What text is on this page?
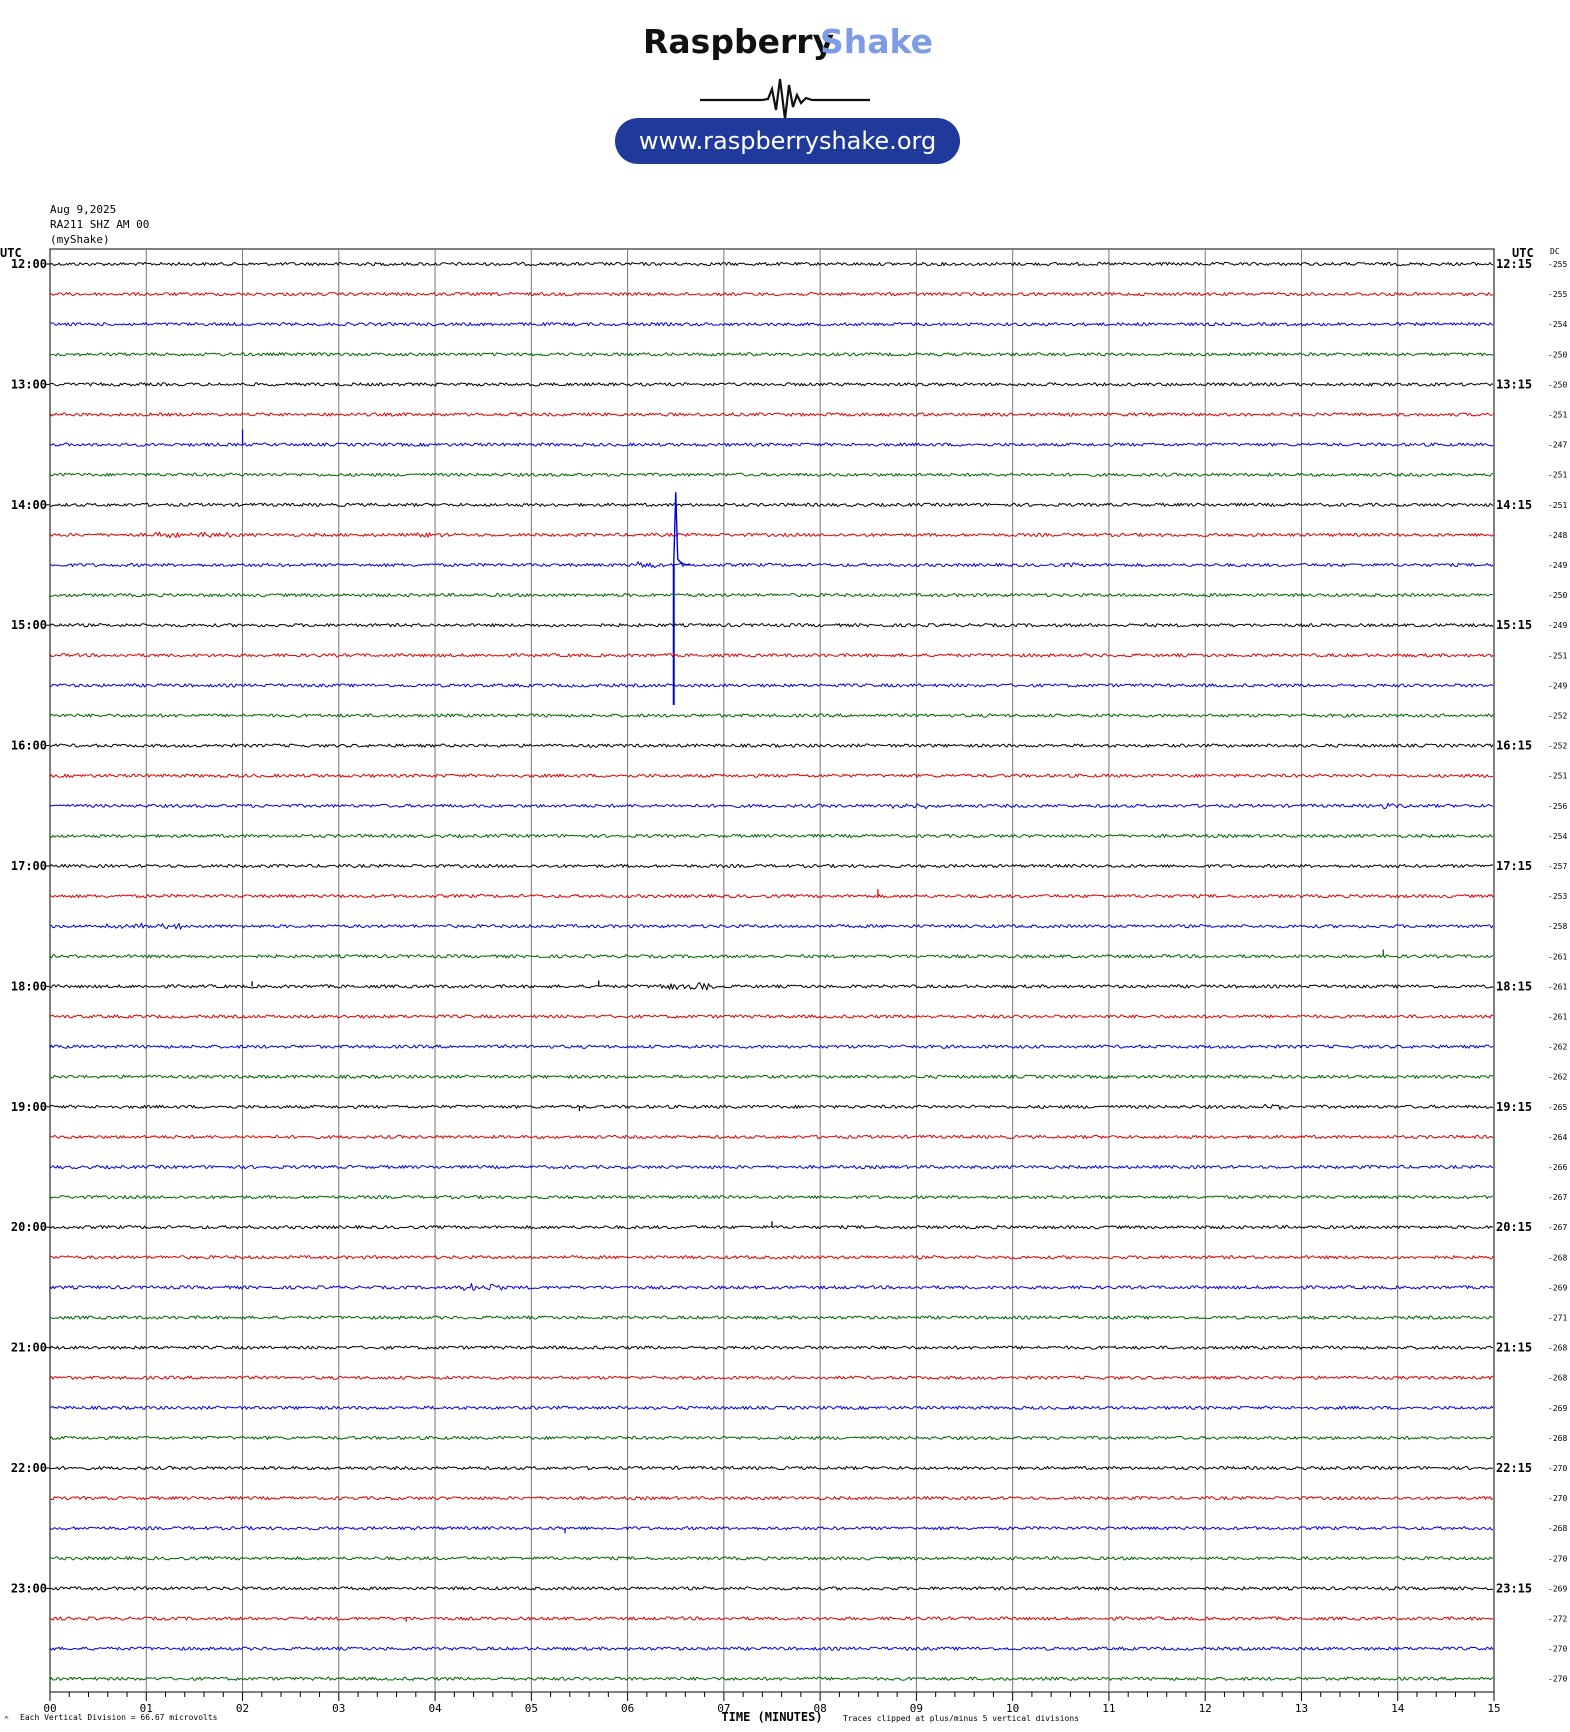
Raspberry
Shake
www.raspberryshake.org
Aug 9,2025
RA211 SHZ AM 00
(myShake)
00	01	02	03	04	05	06	07	08	09	10	11	12	13	14	15
UTC	UTC DC
TIME (MINUTES)
^ Each Vertical Division = 66.67 microvolts	Traces clipped at plus/minus 5 vertical divisions
12:00	12:15 -255
-255
-254
-250
13:00	13:15 -250
-251
-247
-251
14:00	14:15 -251
-248
-249
-250
15:00	15:15 -249
-251
-249
-252
16:00	16:15 -252
-251
-256
-254
17:00	17:15 -257
-253
-258
-261
18:00	18:15 -261
-261
-262
-262
19:00	19:15 -265
-264
-266
-267
20:00	20:15 -267
-268
-269
-271
21:00	21:15 -268
-268
-269
-268
22:00	22:15 -270
-270
-268
-270
23:00	23:15 -269
-272
-270
-270
